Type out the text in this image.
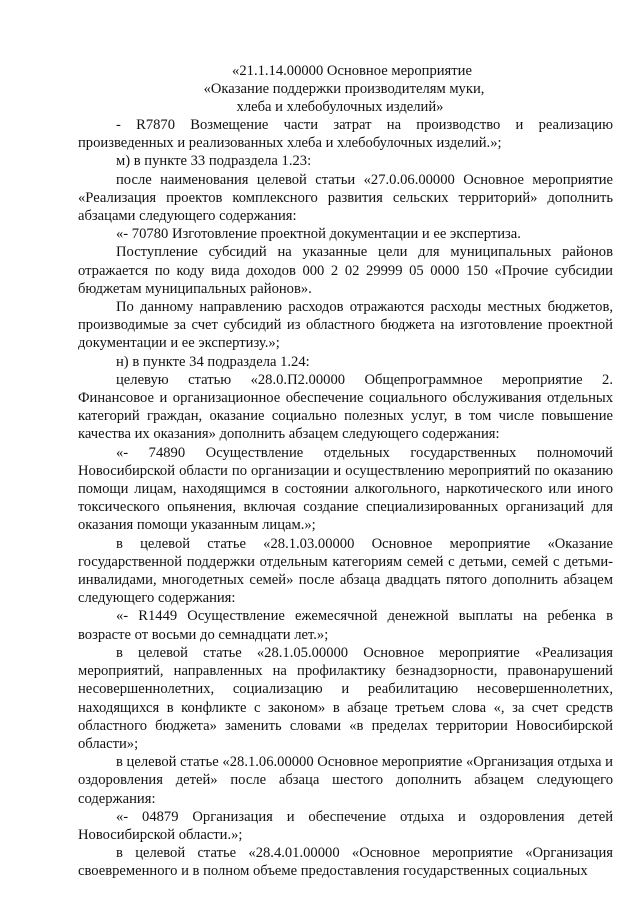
«21.1.14.00000 Основное мероприятие
«Оказание поддержки производителям муки,
хлеба и хлебобулочных изделий»

- R7870 Возмещение части затрат на производство и реализацию произведенных и реализованных хлеба и хлебобулочных изделий.»;

м) в пункте 33 подраздела 1.23:

после наименования целевой статьи «27.0.06.00000 Основное мероприятие «Реализация проектов комплексного развития сельских территорий» дополнить абзацами следующего содержания:

«- 70780 Изготовление проектной документации и ее экспертиза.

Поступление субсидий на указанные цели для муниципальных районов отражается по коду вида доходов 000 2 02 29999 05 0000 150 «Прочие субсидии бюджетам муниципальных районов».

По данному направлению расходов отражаются расходы местных бюджетов, производимые за счет субсидий из областного бюджета на изготовление проектной документации и ее экспертизу.»;

н) в пункте 34 подраздела 1.24:

целевую статью «28.0.П2.00000 Общепрограммное мероприятие 2. Финансовое и организационное обеспечение социального обслуживания отдельных категорий граждан, оказание социально полезных услуг, в том числе повышение качества их оказания» дополнить абзацем следующего содержания:

«- 74890 Осуществление отдельных государственных полномочий Новосибирской области по организации и осуществлению мероприятий по оказанию помощи лицам, находящимся в состоянии алкогольного, наркотического или иного токсического опьянения, включая создание специализированных организаций для оказания помощи указанным лицам.»;

в целевой статье «28.1.03.00000 Основное мероприятие «Оказание государственной поддержки отдельным категориям семей с детьми, семей с детьми-инвалидами, многодетных семей» после абзаца двадцать пятого дополнить абзацем следующего содержания:

«- R1449 Осуществление ежемесячной денежной выплаты на ребенка в возрасте от восьми до семнадцати лет.»;

в целевой статье «28.1.05.00000 Основное мероприятие «Реализация мероприятий, направленных на профилактику безнадзорности, правонарушений несовершеннолетних, социализацию и реабилитацию несовершеннолетних, находящихся в конфликте с законом» в абзаце третьем слова «, за счет средств областного бюджета» заменить словами «в пределах территории Новосибирской области»;

в целевой статье «28.1.06.00000 Основное мероприятие «Организация отдыха и оздоровления детей» после абзаца шестого дополнить абзацем следующего содержания:

«- 04879 Организация и обеспечение отдыха и оздоровления детей Новосибирской области.»;

в целевой статье «28.4.01.00000 «Основное мероприятие «Организация своевременного и в полном объеме предоставления государственных социальных
